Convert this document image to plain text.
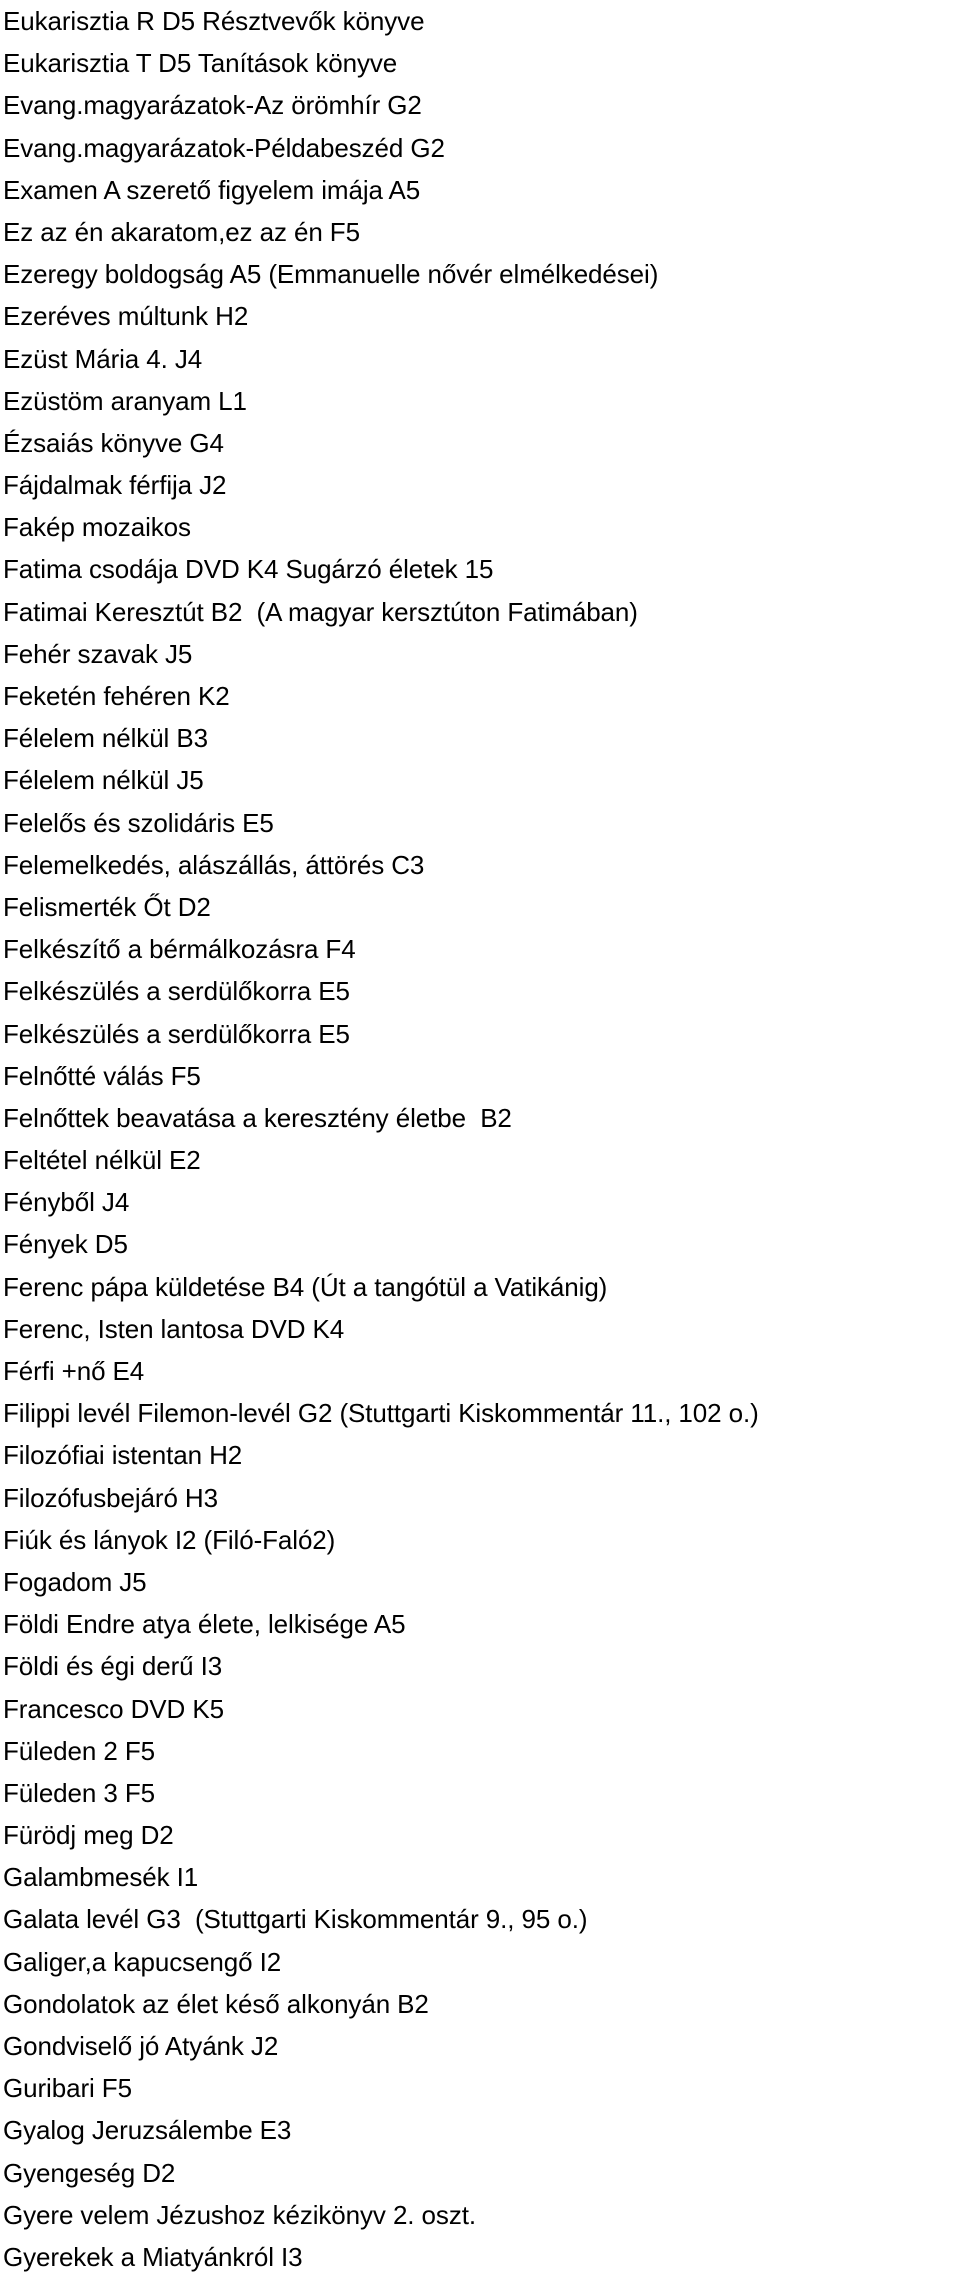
Eukarisztia R D5 Résztvevők könyve
Eukarisztia T D5 Tanítások könyve
Evang.magyarázatok-Az örömhír G2
Evang.magyarázatok-Példabeszéd G2
Examen A szerető figyelem imája A5
Ez az én akaratom,ez az én F5
Ezeregy boldogság A5 (Emmanuelle nővér elmélkedései)
Ezeréves múltunk H2
Ezüst Mária 4. J4
Ezüstöm aranyam L1
Ézsaiás könyve G4
Fájdalmak férfija J2
Fakép mozaikos
Fatima csodája DVD K4 Sugárzó életek 15
Fatimai Keresztút B2  (A magyar kersztúton Fatimában)
Fehér szavak J5
Feketén fehéren K2
Félelem nélkül B3
Félelem nélkül J5
Felelős és szolidáris E5
Felemelkedés, alászállás, áttörés C3
Felismerték Őt D2
Felkészítő a bérmálkozásra F4
Felkészülés a serdülőkorra E5
Felkészülés a serdülőkorra E5
Felnőtté válás F5
Felnőttek beavatása a keresztény életbe  B2
Feltétel nélkül E2
Fényből J4
Fények D5
Ferenc pápa küldetése B4 (Út a tangótül a Vatikánig)
Ferenc, Isten lantosa DVD K4
Férfi +nő E4
Filippi levél Filemon-levél G2 (Stuttgarti Kiskommentár 11., 102 o.)
Filozófiai istentan H2
Filozófusbejáró H3
Fiúk és lányok I2 (Filó-Faló2)
Fogadom J5
Földi Endre atya élete, lelkisége A5
Földi és égi derű I3
Francesco DVD K5
Füleden 2 F5
Füleden 3 F5
Fürödj meg D2
Galambmesék I1
Galata levél G3  (Stuttgarti Kiskommentár 9., 95 o.)
Galiger,a kapucsengő I2
Gondolatok az élet késő alkonyán B2
Gondviselő jó Atyánk J2
Guribari F5
Gyalog Jeruzsálembe E3
Gyengeség D2
Gyere velem Jézushoz kézikönyv 2. oszt.
Gyerekek a Miatyánkról I3
